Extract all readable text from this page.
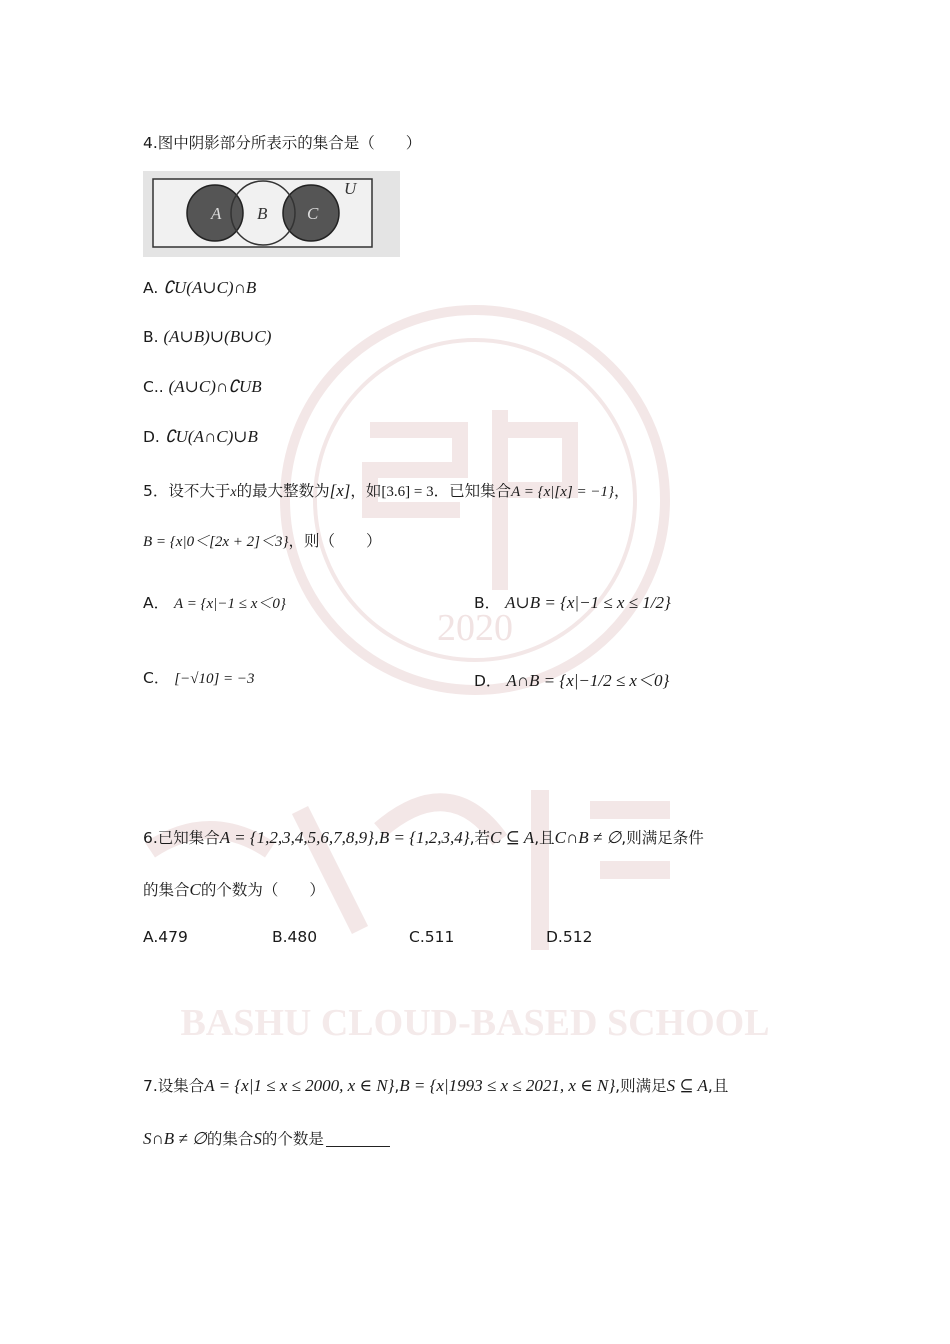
2020
BASHU CLOUD-BASED SCHOOL
4.图中阴影部分所表示的集合是（　　）
A B C
U
A. ∁U(A∪C)∩B
B. (A∪B)∪(B∪C)
C.. (A∪C)∩∁UB
D. ∁U(A∩C)∪B
5．设不大于x的最大整数为[x]，如[3.6] = 3．已知集合A = {x|[x] = −1}，
B = {x|0＜[2x + 2]＜3}，则（　　）
A． A = {x|−1 ≤ x＜0}	B． A∪B = {x|−1 ≤ x ≤ 1/2}
C． [−√10] = −3	D． A∩B = {x|−1/2 ≤ x＜0}
6.已知集合A = {1,2,3,4,5,6,7,8,9},B = {1,2,3,4},若C ⊆ A,且C∩B ≠ ∅,则满足条件
的集合C的个数为（　　）
A.479	B.480	C.511	D.512
7.设集合A = {x|1 ≤ x ≤ 2000, x ∈ N},B = {x|1993 ≤ x ≤ 2021, x ∈ N},则满足S ⊆ A,且
S∩B ≠ ∅的集合S的个数是
